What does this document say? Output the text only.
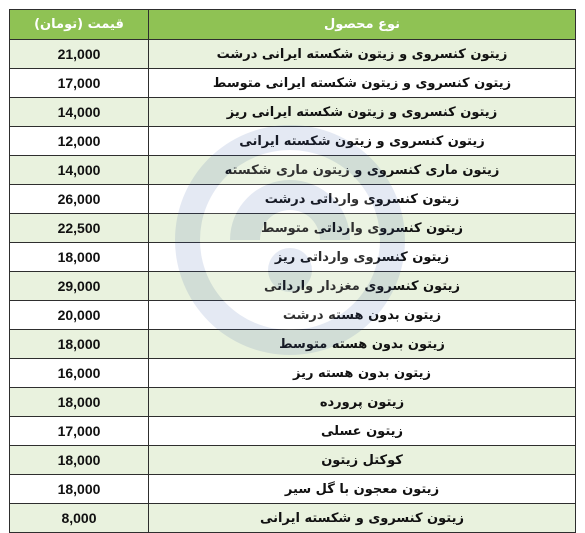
قیمت (تومان)	نوع محصول
21,000	زیتون کنسروی و زیتون شکسته ایرانی درشت
17,000	زیتون کنسروی و زیتون شکسته ایرانی متوسط
14,000	زیتون کنسروی و زیتون شکسته ایرانی ریز
12,000	زیتون کنسروی و زیتون شکسته ایرانی
14,000	زیتون ماری کنسروی و زیتون ماری شکسته
26,000	زیتون کنسروی وارداتی درشت
22,500	زیتون کنسروی وارداتی متوسط
18,000	زیتون کنسروی وارداتی ریز
29,000	زیتون کنسروی مغزدار وارداتی
20,000	زیتون بدون هسته درشت
18,000	زیتون بدون هسته متوسط
16,000	زیتون بدون هسته ریز
18,000	زیتون پرورده
17,000	زیتون عسلی
18,000	کوکتل زیتون
18,000	زیتون معجون با گل سیر
8,000	زیتون کنسروی و شکسته ایرانی
